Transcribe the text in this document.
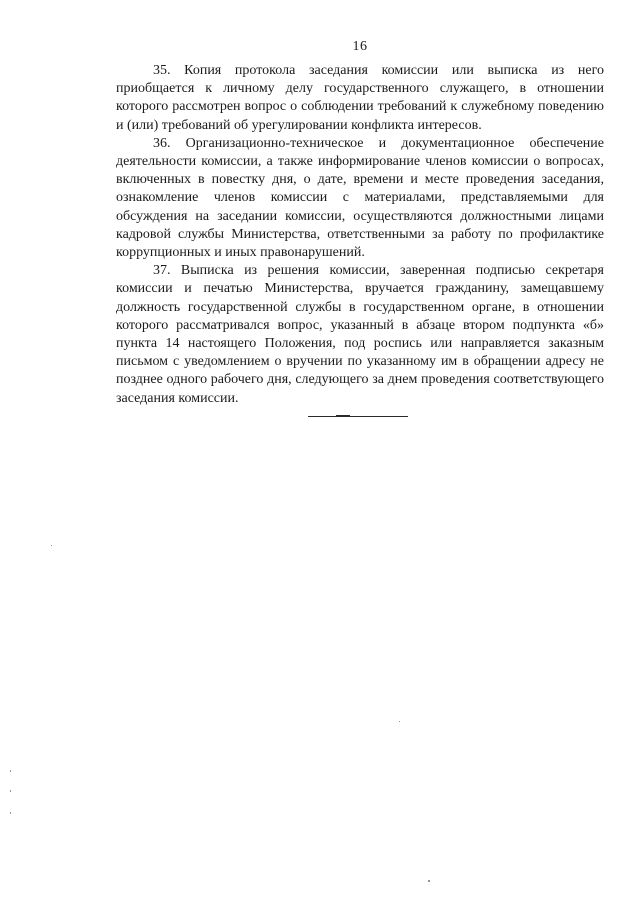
16

35. Копия протокола заседания комиссии или выписка из него приобщается к личному делу государственного служащего, в отношении которого рассмотрен вопрос о соблюдении требований к служебному поведению и (или) требований об урегулировании конфликта интересов.

36. Организационно-техническое и документационное обеспечение деятельности комиссии, а также информирование членов комиссии о вопросах, включенных в повестку дня, о дате, времени и месте проведения заседания, ознакомление членов комиссии с материалами, представляемыми для обсуждения на заседании комиссии, осуществляются должностными лицами кадровой службы Министерства, ответственными за работу по профилактике коррупционных и иных правонарушений.

37. Выписка из решения комиссии, заверенная подписью секретаря комиссии и печатью Министерства, вручается гражданину, замещавшему должность государственной службы в государственном органе, в отношении которого рассматривался вопрос, указанный в абзаце втором подпункта «б» пункта 14 настоящего Положения, под роспись или направляется заказным письмом с уведомлением о вручении по указанному им в обращении адресу не позднее одного рабочего дня, следующего за днем проведения соответствующего заседания комиссии.
